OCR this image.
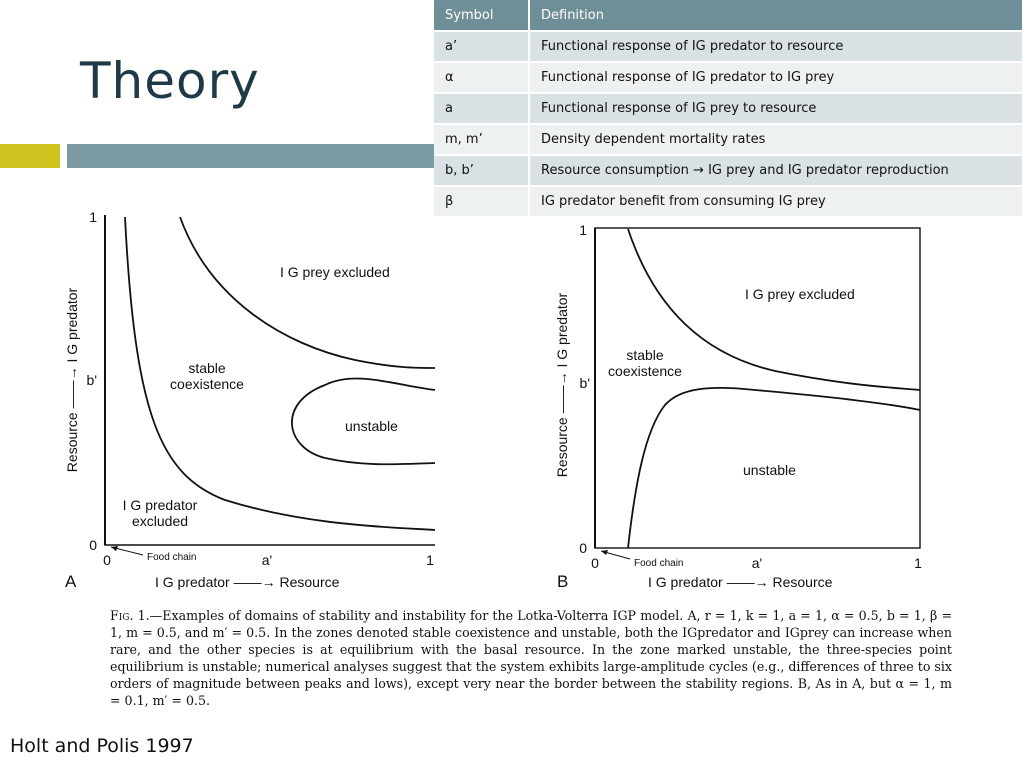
Theory
Symbol	Definition
a’	Functional response of IG predator to resource
α	Functional response of IG predator to IG prey
a	Functional response of IG prey to resource
m, m’	Density dependent mortality rates
b, b’	Resource consumption → IG prey and IG predator reproduction
β	IG predator benefit from consuming IG prey
I G prey excluded
stable
coexistence
unstable
I G predator
excluded
1
b'
0
0	a'	1
Food chain
A	I G predator ——→ Resource
Resource ——→ I G predator	I G prey excluded
stable
coexistence
unstable
1
b'
0
0	a'	1
Food chain
B	I G predator ——→ Resource
Resource ——→ I G predator
Fig. 1.—Examples of domains of stability and instability for the Lotka-Volterra IGP model. A, r = 1, k = 1, a = 1, α = 0.5, b = 1, β = 1, m = 0.5, and m′ = 0.5. In the zones denoted stable coexistence and unstable, both the IGpredator and IGprey can increase when rare, and the other species is at equilibrium with the basal resource. In the zone marked unstable, the three-species point equilibrium is unstable; numerical analyses suggest that the system exhibits large-amplitude cycles (e.g., differences of three to six orders of magnitude between peaks and lows), except very near the border between the stability regions. B, As in A, but α = 1, m = 0.1, m′ = 0.5.
Holt and Polis 1997
